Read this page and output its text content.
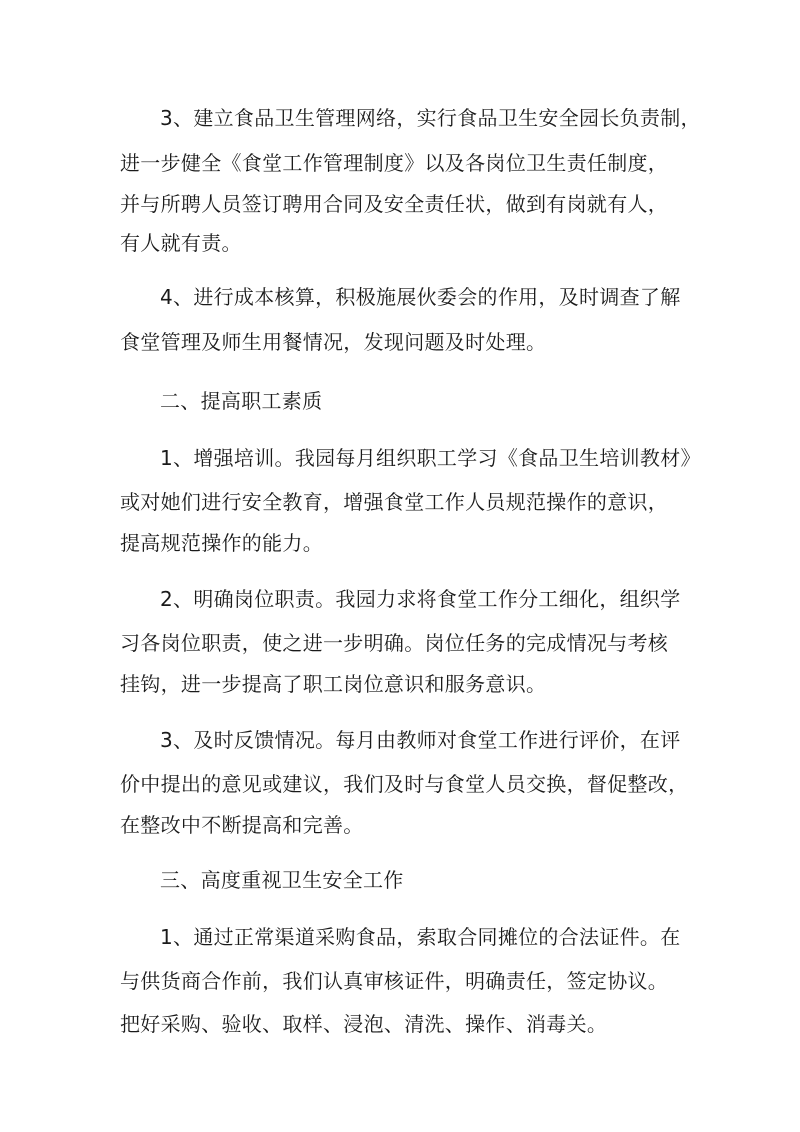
3、建立食品卫生管理网络，实行食品卫生安全园长负责制，
进一步健全《食堂工作管理制度》以及各岗位卫生责任制度，
并与所聘人员签订聘用合同及安全责任状，做到有岗就有人，
有人就有责。
4、进行成本核算，积极施展伙委会的作用，及时调查了解
食堂管理及师生用餐情况，发现问题及时处理。
二、提高职工素质
1、增强培训。我园每月组织职工学习《食品卫生培训教材》
或对她们进行安全教育，增强食堂工作人员规范操作的意识，
提高规范操作的能力。
2、明确岗位职责。我园力求将食堂工作分工细化，组织学
习各岗位职责，使之进一步明确。岗位任务的完成情况与考核
挂钩，进一步提高了职工岗位意识和服务意识。
3、及时反馈情况。每月由教师对食堂工作进行评价，在评
价中提出的意见或建议，我们及时与食堂人员交换，督促整改，
在整改中不断提高和完善。
三、高度重视卫生安全工作
1、通过正常渠道采购食品，索取合同摊位的合法证件。在
与供货商合作前，我们认真审核证件，明确责任，签定协议。
把好采购、验收、取样、浸泡、清洗、操作、消毒关。
